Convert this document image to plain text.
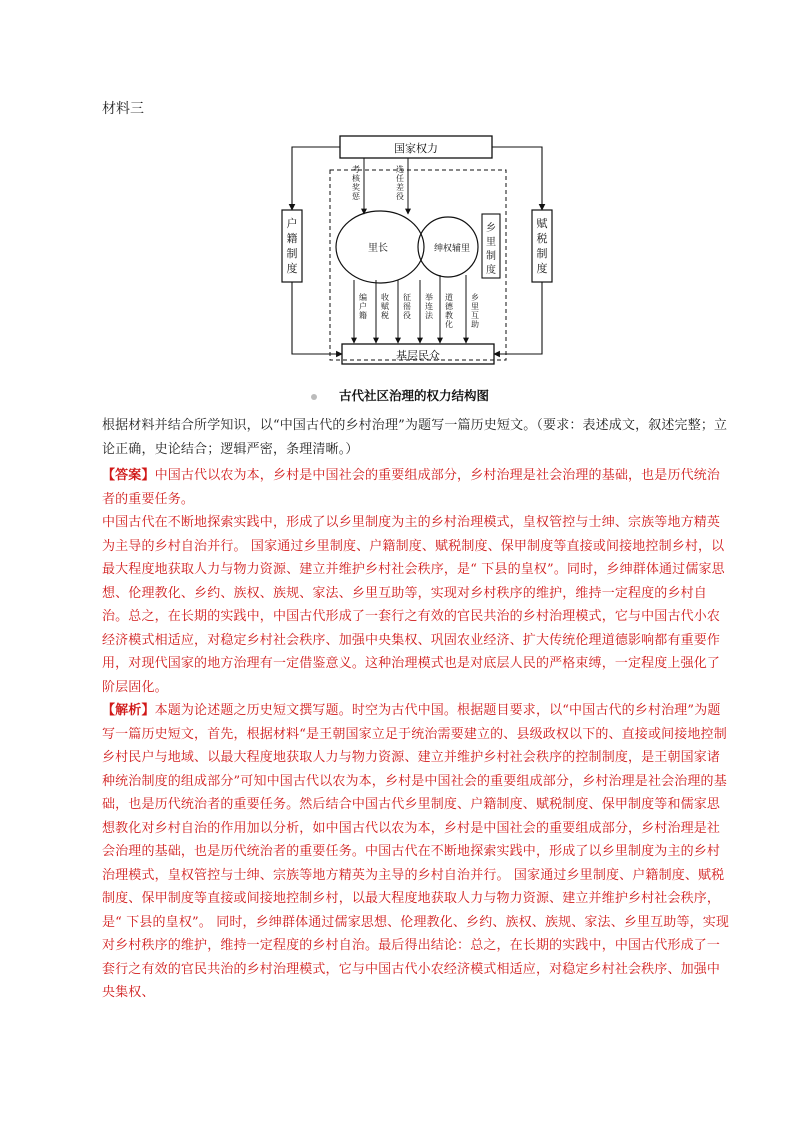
材料三
国家权力
基层民众
里长	绅权辅里
考
核
奖
惩
选
任
差
役
编
户
籍
收
赋
税
征
徭
役
举
连
法
道
德
教
化
乡
里
互
助
户
籍
制
度
赋
税
制
度
乡
里
制
度
古代社区治理的权力结构图
根据材料并结合所学知识，以“中国古代的乡村治理”为题写一篇历史短文。（要求：表述成文，叙述完整；立论正确，史论结合；逻辑严密，条理清晰。）

【答案】中国古代以农为本，乡村是中国社会的重要组成部分，乡村治理是社会治理的基础，也是历代统治者的重要任务。

中国古代在不断地探索实践中，形成了以乡里制度为主的乡村治理模式，皇权管控与士绅、宗族等地方精英为主导的乡村自治并行。 国家通过乡里制度、户籍制度、赋税制度、保甲制度等直接或间接地控制乡村，以最大程度地获取人力与物力资源、建立并维护乡村社会秩序，是“ 下县的皇权”。同时，乡绅群体通过儒家思想、伦理教化、乡约、族权、族规、家法、乡里互助等，实现对乡村秩序的维护，维持一定程度的乡村自治。总之，在长期的实践中，中国古代形成了一套行之有效的官民共治的乡村治理模式，它与中国古代小农经济模式相适应，对稳定乡村社会秩序、加强中央集权、巩固农业经济、扩大传统伦理道德影响都有重要作用，对现代国家的地方治理有一定借鉴意义。这种治理模式也是对底层人民的严格束缚，一定程度上强化了阶层固化。

【解析】本题为论述题之历史短文撰写题。时空为古代中国。根据题目要求，以“中国古代的乡村治理”为题写一篇历史短文，首先，根据材料“是王朝国家立足于统治需要建立的、县级政权以下的、直接或间接地控制乡村民户与地域、以最大程度地获取人力与物力资源、建立并维护乡村社会秩序的控制制度，是王朝国家诸种统治制度的组成部分”可知中国古代以农为本，乡村是中国社会的重要组成部分，乡村治理是社会治理的基础，也是历代统治者的重要任务。然后结合中国古代乡里制度、户籍制度、赋税制度、保甲制度等和儒家思想教化对乡村自治的作用加以分析，如中国古代以农为本，乡村是中国社会的重要组成部分，乡村治理是社会治理的基础，也是历代统治者的重要任务。中国古代在不断地探索实践中，形成了以乡里制度为主的乡村治理模式，皇权管控与士绅、宗族等地方精英为主导的乡村自治并行。 国家通过乡里制度、户籍制度、赋税制度、保甲制度等直接或间接地控制乡村，以最大程度地获取人力与物力资源、建立并维护乡村社会秩序，是“ 下县的皇权”。 同时，乡绅群体通过儒家思想、伦理教化、乡约、族权、族规、家法、乡里互助等，实现对乡村秩序的维护，维持一定程度的乡村自治。最后得出结论：总之，在长期的实践中，中国古代形成了一套行之有效的官民共治的乡村治理模式，它与中国古代小农经济模式相适应，对稳定乡村社会秩序、加强中央集权、
